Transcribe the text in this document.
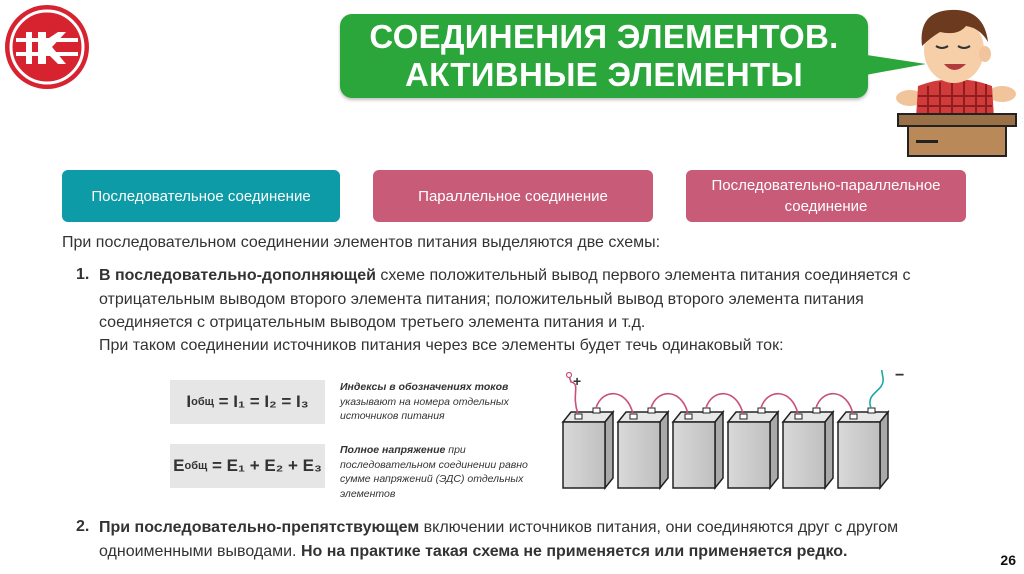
СОЕДИНЕНИЯ ЭЛЕМЕНТОВ.
АКТИВНЫЕ ЭЛЕМЕНТЫ
Последовательное соединение	Параллельное соединение
Последовательно-параллельное соединение
При последовательном соединении элементов питания выделяются две схемы:
1. В последовательно-дополняющей схеме положительный вывод первого элемента питания соединяется с отрицательным выводом второго элемента питания; положительный вывод второго элемента питания соединяется с отрицательным выводом третьего элемента питания и т.д.
При таком соединении источников питания через все элементы будет течь одинаковый ток:
I общ
= I₁ = I₂ = I₃
E общ
= E₁ + E₂ + E₃
Индексы в обозначениях токов
указывают на номера отдельных источников питания
Полное напряжение при последовательном соединении равно сумме напряжений (ЭДС) отдельных элементов
+	−
2. При последовательно-препятствующем включении источников питания, они соединяются друг с другом одноименными выводами. Но на практике такая схема не применяется или применяется редко.
26
